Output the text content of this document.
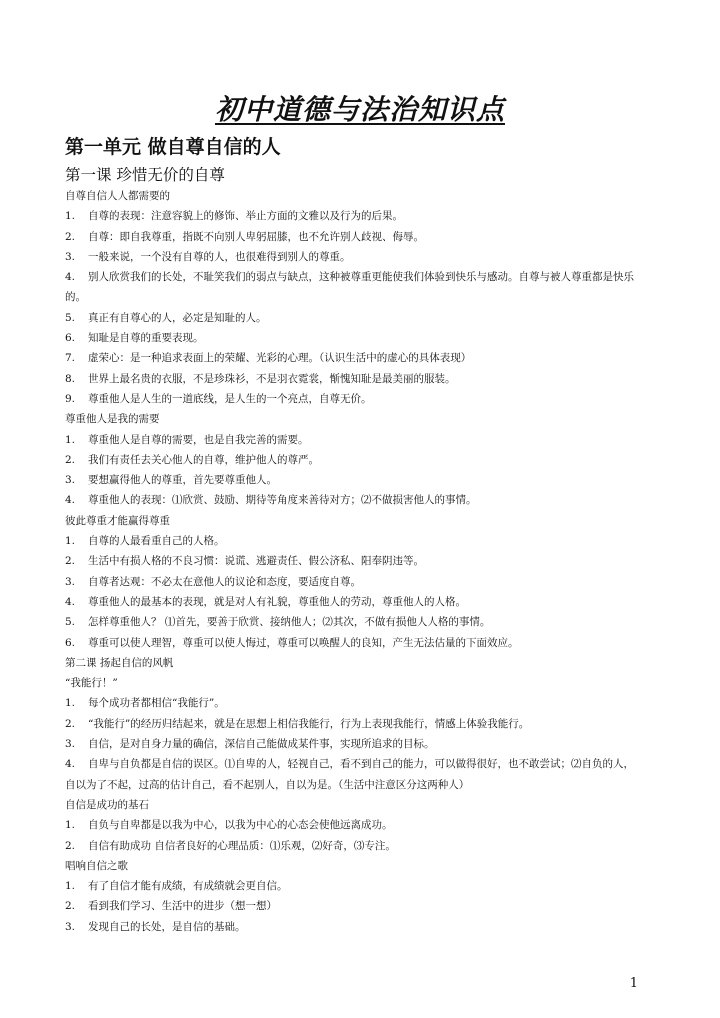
初中道德与法治知识点
第一单元 做自尊自信的人
第一课 珍惜无价的自尊
自尊自信人人都需要的
1.	自尊的表现：注意容貌上的修饰、举止方面的文雅以及行为的后果。
2.	自尊：即自我尊重，指既不向别人卑躬屈膝，也不允许别人歧视、侮辱。
3.	一般来说，一个没有自尊的人，也很难得到别人的尊重。
4.	别人欣赏我们的长处，不耻笑我们的弱点与缺点，这种被尊重更能使我们体验到快乐与感动。自尊与被人尊重都是快乐
的。
5.	真正有自尊心的人，必定是知耻的人。
6.	知耻是自尊的重要表现。
7.	虚荣心：是一种追求表面上的荣耀、光彩的心理。（认识生活中的虚心的具体表现）
8.	世界上最名贵的衣服，不是珍珠衫，不是羽衣霓裳，惭愧知耻是最美丽的服装。
9.	尊重他人是人生的一道底线，是人生的一个亮点，自尊无价。
尊重他人是我的需要
1.	尊重他人是自尊的需要，也是自我完善的需要。
2.	我们有责任去关心他人的自尊，维护他人的尊严。
3.	要想赢得他人的尊重，首先要尊重他人。
4.	尊重他人的表现：⑴欣赏、鼓励、期待等角度来善待对方；⑵不做损害他人的事情。
彼此尊重才能赢得尊重
1.	自尊的人最看重自己的人格。
2.	生活中有损人格的不良习惯：说谎、逃避责任、假公济私、阳奉阴违等。
3.	自尊者达观：不必太在意他人的议论和态度，要适度自尊。
4.	尊重他人的最基本的表现，就是对人有礼貌，尊重他人的劳动，尊重他人的人格。
5.	怎样尊重他人？ ⑴首先，要善于欣赏、接纳他人；⑵其次，不做有损他人人格的事情。
6.	尊重可以使人理智，尊重可以使人悔过，尊重可以唤醒人的良知，产生无法估量的下面效应。
第二课 扬起自信的风帆
“我能行！”
1.	每个成功者都相信“我能行”。
2.	“我能行”的经历归结起来，就是在思想上相信我能行，行为上表现我能行，情感上体验我能行。
3.	自信，是对自身力量的确信，深信自己能做成某件事，实现所追求的目标。
4.	自卑与自负都是自信的误区。⑴自卑的人，轻视自己，看不到自己的能力，可以做得很好，也不敢尝试；⑵自负的人，
自以为了不起，过高的估计自己，看不起别人，自以为是。（生活中注意区分这两种人）
自信是成功的基石
1.	自负与自卑都是以我为中心，以我为中心的心态会使他远离成功。
2.	自信有助成功 自信者良好的心理品质：⑴乐观，⑵好奇，⑶专注。
唱响自信之歌
1.	有了自信才能有成绩，有成绩就会更自信。
2.	看到我们学习、生活中的进步（想一想）
3.	发现自己的长处，是自信的基础。
1
